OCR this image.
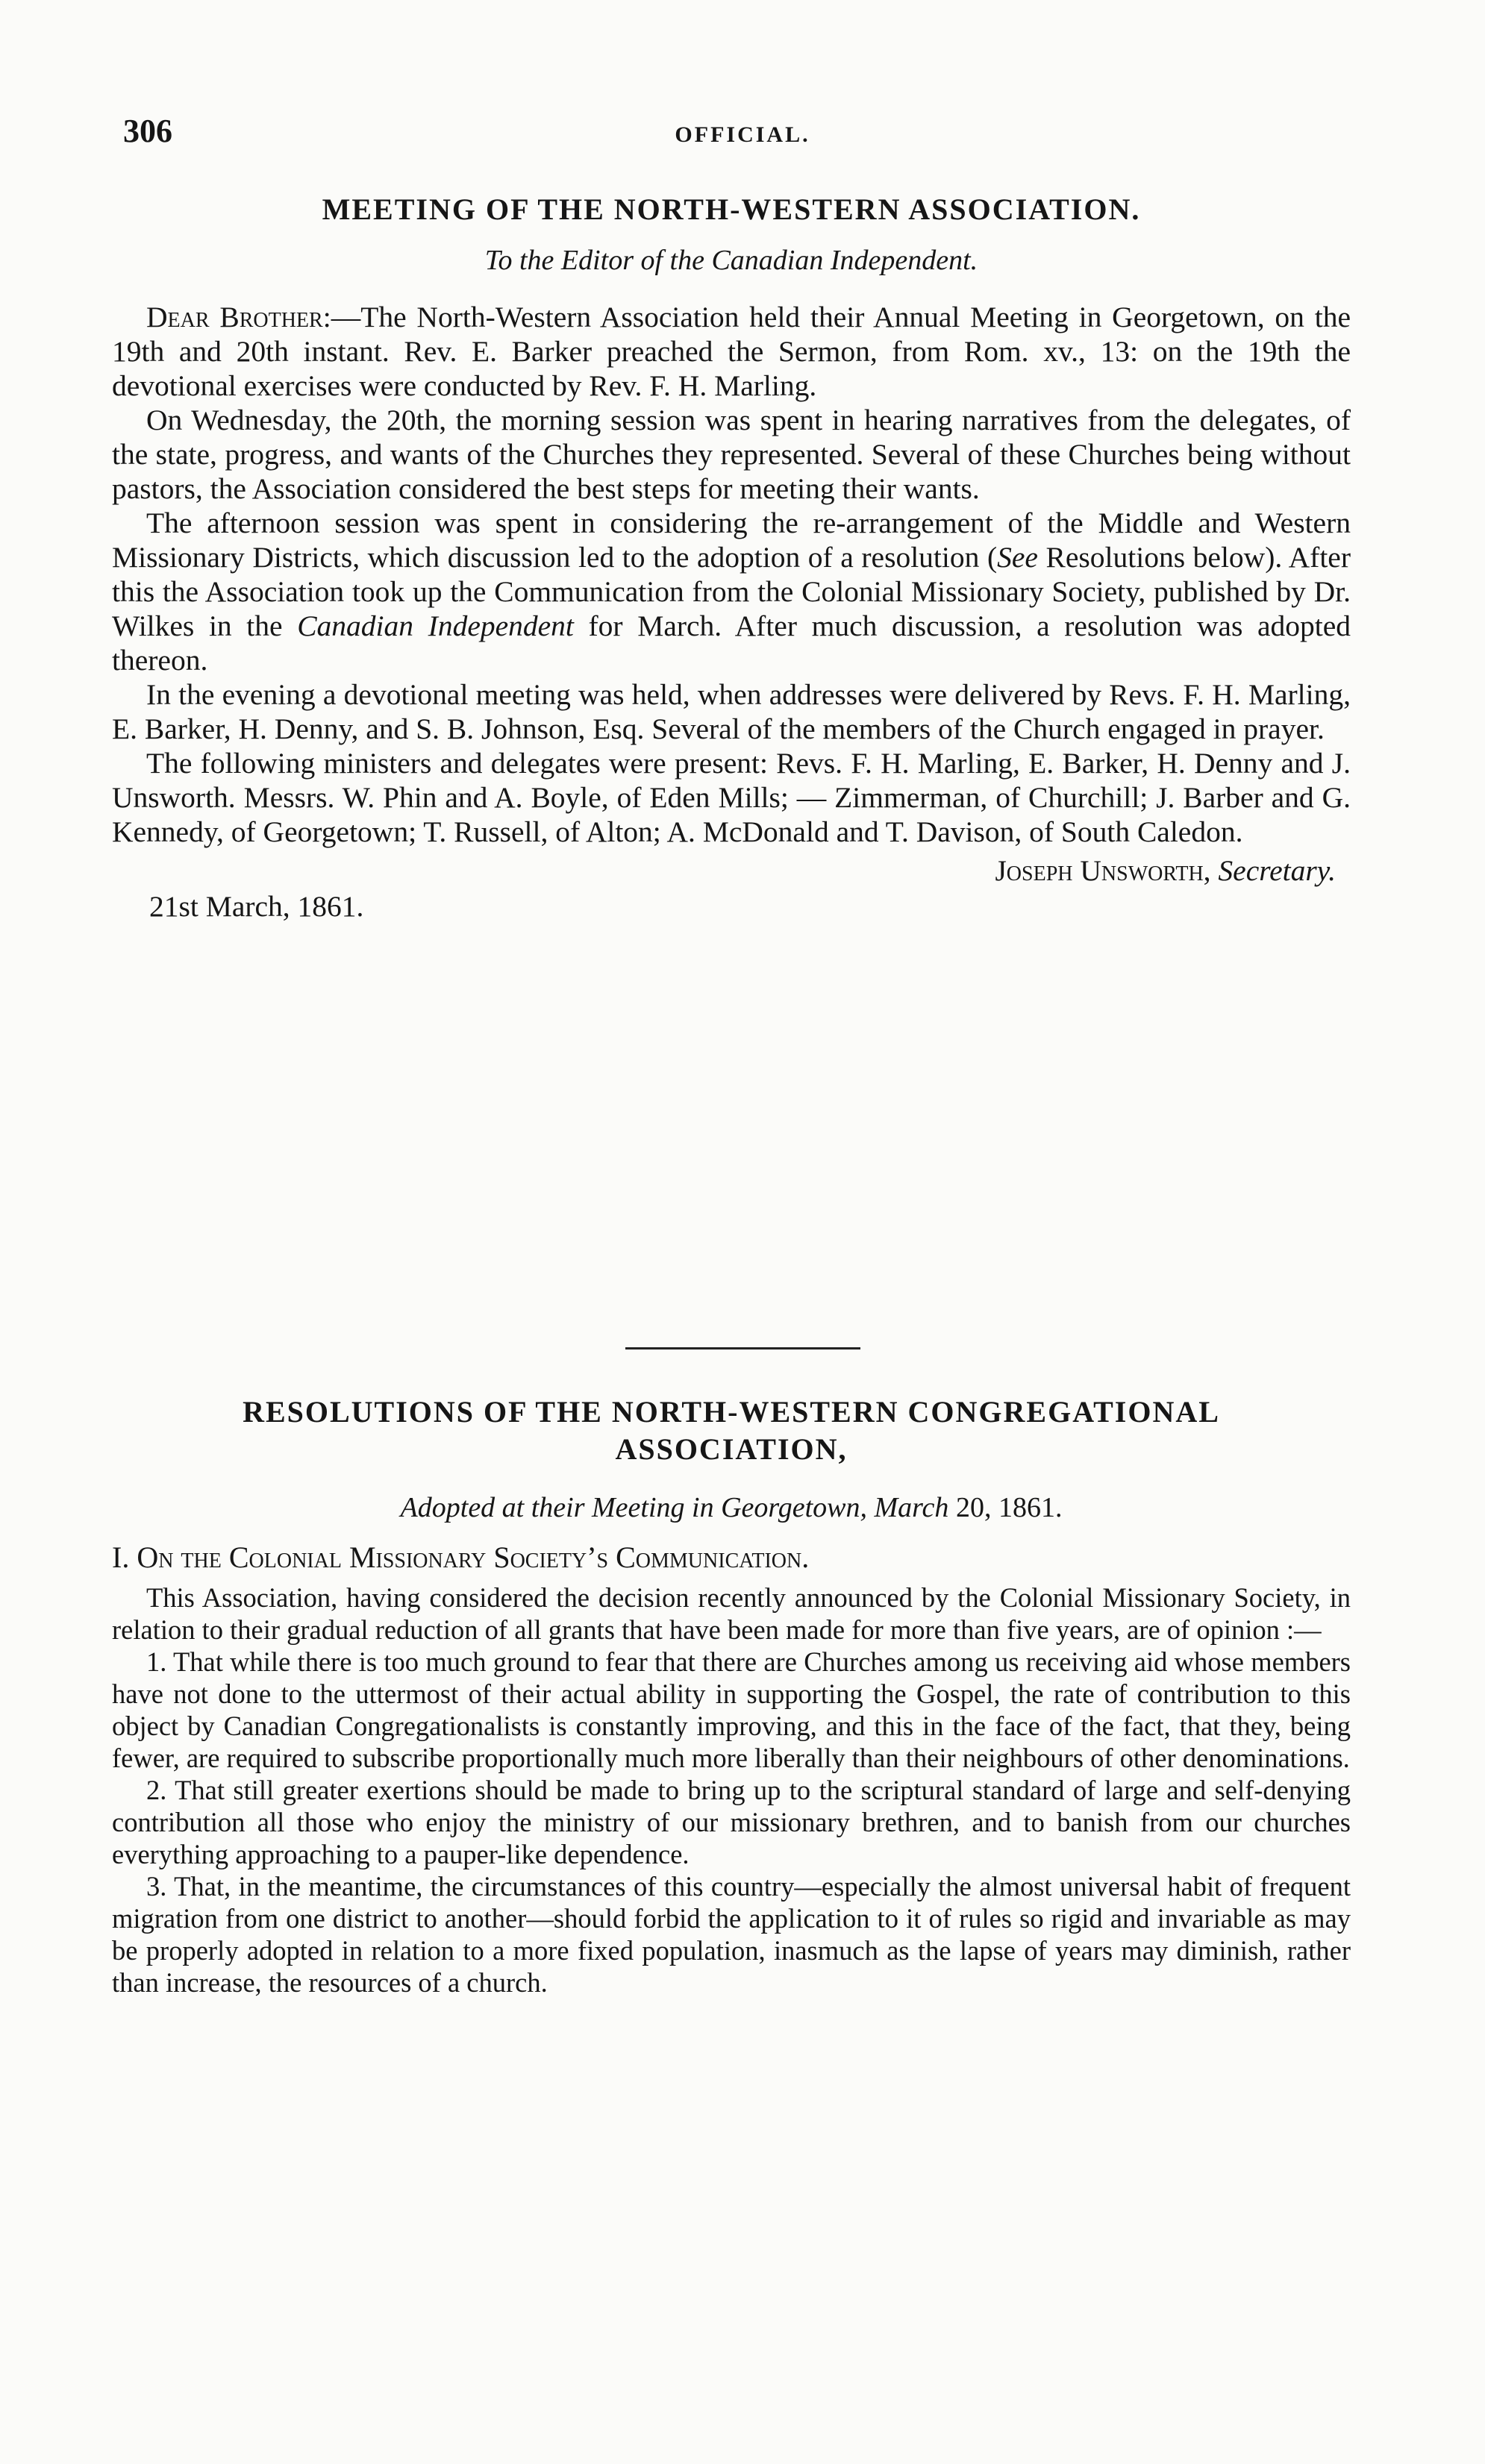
306	OFFICIAL.
MEETING OF THE NORTH-WESTERN ASSOCIATION.

To the Editor of the Canadian Independent.

Dear Brother:—The North-Western Association held their Annual Meeting in Georgetown, on the 19th and 20th instant. Rev. E. Barker preached the Sermon, from Rom. xv., 13: on the 19th the devotional exercises were conducted by Rev. F. H. Marling.

On Wednesday, the 20th, the morning session was spent in hearing narratives from the delegates, of the state, progress, and wants of the Churches they represented. Several of these Churches being without pastors, the Association considered the best steps for meeting their wants.

The afternoon session was spent in considering the re-arrangement of the Middle and Western Missionary Districts, which discussion led to the adoption of a resolution (See Resolutions below). After this the Association took up the Communication from the Colonial Missionary Society, published by Dr. Wilkes in the Canadian Independent for March. After much discussion, a resolution was adopted thereon.

In the evening a devotional meeting was held, when addresses were delivered by Revs. F. H. Marling, E. Barker, H. Denny, and S. B. Johnson, Esq. Several of the members of the Church engaged in prayer.

The following ministers and delegates were present: Revs. F. H. Marling, E. Barker, H. Denny and J. Unsworth. Messrs. W. Phin and A. Boyle, of Eden Mills; — Zimmerman, of Churchill; J. Barber and G. Kennedy, of Georgetown; T. Russell, of Alton; A. McDonald and T. Davison, of South Caledon.

Joseph Unsworth, Secretary.
21st March, 1861.
RESOLUTIONS OF THE NORTH-WESTERN CONGREGATIONAL
ASSOCIATION,

Adopted at their Meeting in Georgetown, March 20, 1861.

I. On the Colonial Missionary Society’s Communication.

This Association, having considered the decision recently announced by the Colonial Missionary Society, in relation to their gradual reduction of all grants that have been made for more than five years, are of opinion :—

1. That while there is too much ground to fear that there are Churches among us receiving aid whose members have not done to the uttermost of their actual ability in supporting the Gospel, the rate of contribution to this object by Canadian Congregationalists is constantly improving, and this in the face of the fact, that they, being fewer, are required to subscribe proportionally much more liberally than their neighbours of other denominations.

2. That still greater exertions should be made to bring up to the scriptural standard of large and self-denying contribution all those who enjoy the ministry of our missionary brethren, and to banish from our churches everything approaching to a pauper-like dependence.

3. That, in the meantime, the circumstances of this country—especially the almost universal habit of frequent migration from one district to another—should forbid the application to it of rules so rigid and invariable as may be properly adopted in relation to a more fixed population, inasmuch as the lapse of years may diminish, rather than increase, the resources of a church.
